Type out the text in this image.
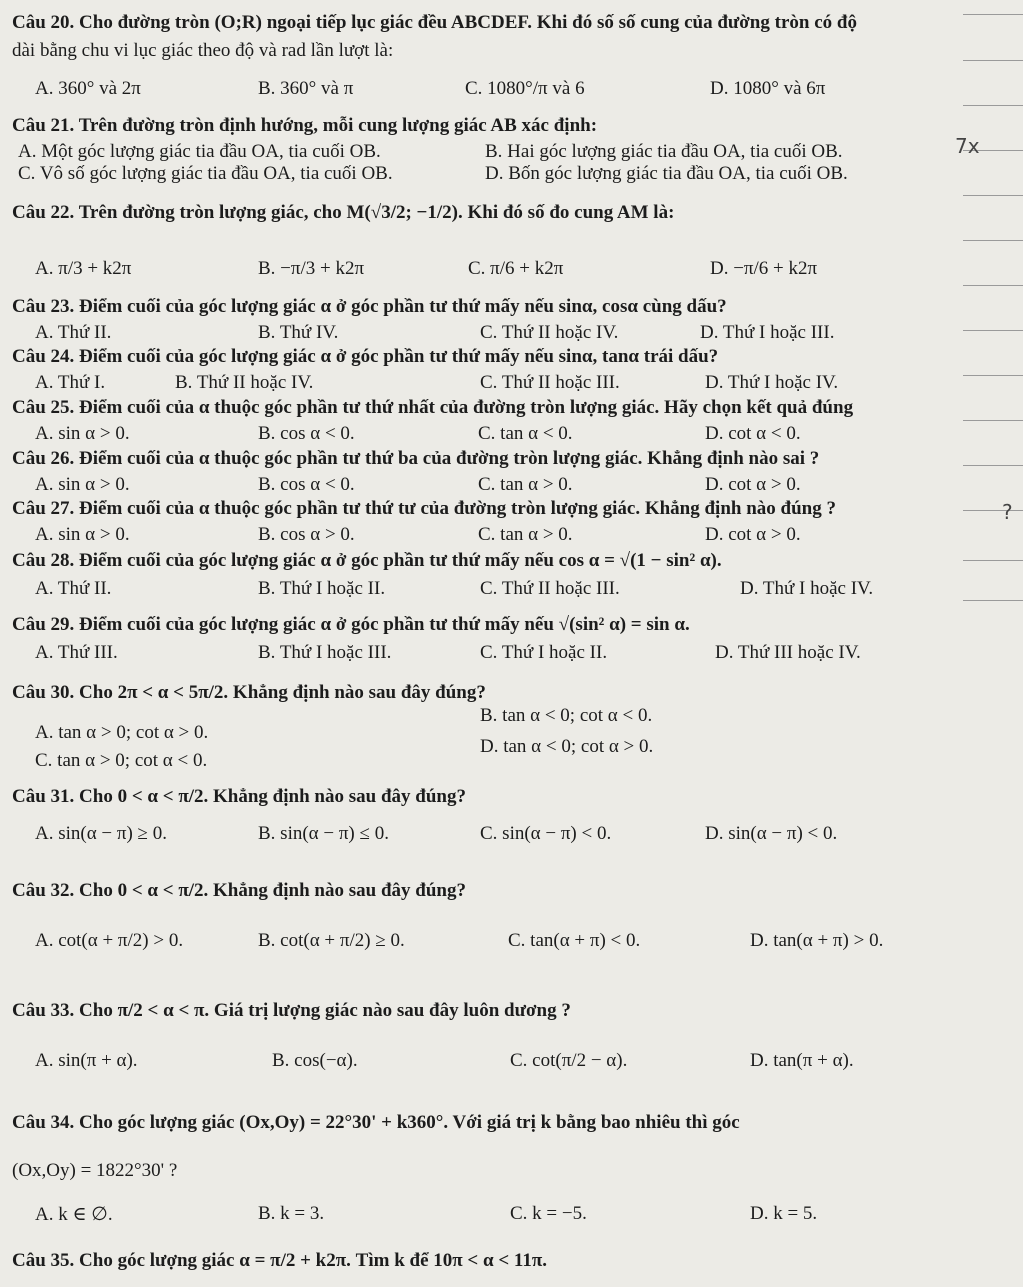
7x
?
Câu 20. Cho đường tròn (O;R) ngoại tiếp lục giác đều ABCDEF. Khi đó số số cung của đường tròn có độ
dài bằng chu vi lục giác theo độ và rad lần lượt là:
A. 360° và 2π	B. 360° và π	C. 1080°/π và 6	D. 1080° và 6π
Câu 21. Trên đường tròn định hướng, mỗi cung lượng giác AB xác định:
A. Một góc lượng giác tia đầu OA, tia cuối OB.	B. Hai góc lượng giác tia đầu OA, tia cuối OB.
C. Vô số góc lượng giác tia đầu OA, tia cuối OB.	D. Bốn góc lượng giác tia đầu OA, tia cuối OB.
Câu 22. Trên đường tròn lượng giác, cho M(√3/2; −1/2). Khi đó số đo cung AM là:
A. π/3 + k2π	B. −π/3 + k2π	C. π/6 + k2π	D. −π/6 + k2π
Câu 23. Điểm cuối của góc lượng giác α ở góc phần tư thứ mấy nếu sinα, cosα cùng dấu?
A. Thứ II.	B. Thứ IV.	C. Thứ II hoặc IV.	D. Thứ I hoặc III.
Câu 24. Điểm cuối của góc lượng giác α ở góc phần tư thứ mấy nếu sinα, tanα trái dấu?
A. Thứ I.	B. Thứ II hoặc IV.	C. Thứ II hoặc III.	D. Thứ I hoặc IV.
Câu 25. Điểm cuối của α thuộc góc phần tư thứ nhất của đường tròn lượng giác. Hãy chọn kết quả đúng
A. sin α > 0.	B. cos α < 0.	C. tan α < 0.	D. cot α < 0.
Câu 26. Điểm cuối của α thuộc góc phần tư thứ ba của đường tròn lượng giác. Khẳng định nào sai ?
A. sin α > 0.	B. cos α < 0.	C. tan α > 0.	D. cot α > 0.
Câu 27. Điểm cuối của α thuộc góc phần tư thứ tư của đường tròn lượng giác. Khẳng định nào đúng ?
A. sin α > 0.	B. cos α > 0.	C. tan α > 0.	D. cot α > 0.
Câu 28. Điểm cuối của góc lượng giác α ở góc phần tư thứ mấy nếu cos α = √(1 − sin² α).
A. Thứ II.	B. Thứ I hoặc II.	C. Thứ II hoặc III.	D. Thứ I hoặc IV.
Câu 29. Điểm cuối của góc lượng giác α ở góc phần tư thứ mấy nếu √(sin² α) = sin α.
A. Thứ III.	B. Thứ I hoặc III.	C. Thứ I hoặc II.	D. Thứ III hoặc IV.
Câu 30. Cho 2π < α < 5π/2. Khẳng định nào sau đây đúng?
A. tan α > 0; cot α > 0.
B. tan α < 0; cot α < 0.
C. tan α > 0; cot α < 0.
D. tan α < 0; cot α > 0.
Câu 31. Cho 0 < α < π/2. Khẳng định nào sau đây đúng?
A. sin(α − π) ≥ 0.	B. sin(α − π) ≤ 0.	C. sin(α − π) < 0.	D. sin(α − π) < 0.
Câu 32. Cho 0 < α < π/2. Khẳng định nào sau đây đúng?
A. cot(α + π/2) > 0.	B. cot(α + π/2) ≥ 0.	C. tan(α + π) < 0.	D. tan(α + π) > 0.
Câu 33. Cho π/2 < α < π. Giá trị lượng giác nào sau đây luôn dương ?
A. sin(π + α).	B. cos(−α).	C. cot(π/2 − α).	D. tan(π + α).
Câu 34. Cho góc lượng giác (Ox,Oy) = 22°30' + k360°. Với giá trị k bằng bao nhiêu thì góc
(Ox,Oy) = 1822°30' ?
A. k ∈ ∅.	B. k = 3.	C. k = −5.	D. k = 5.
Câu 35. Cho góc lượng giác α = π/2 + k2π. Tìm k để 10π < α < 11π.
